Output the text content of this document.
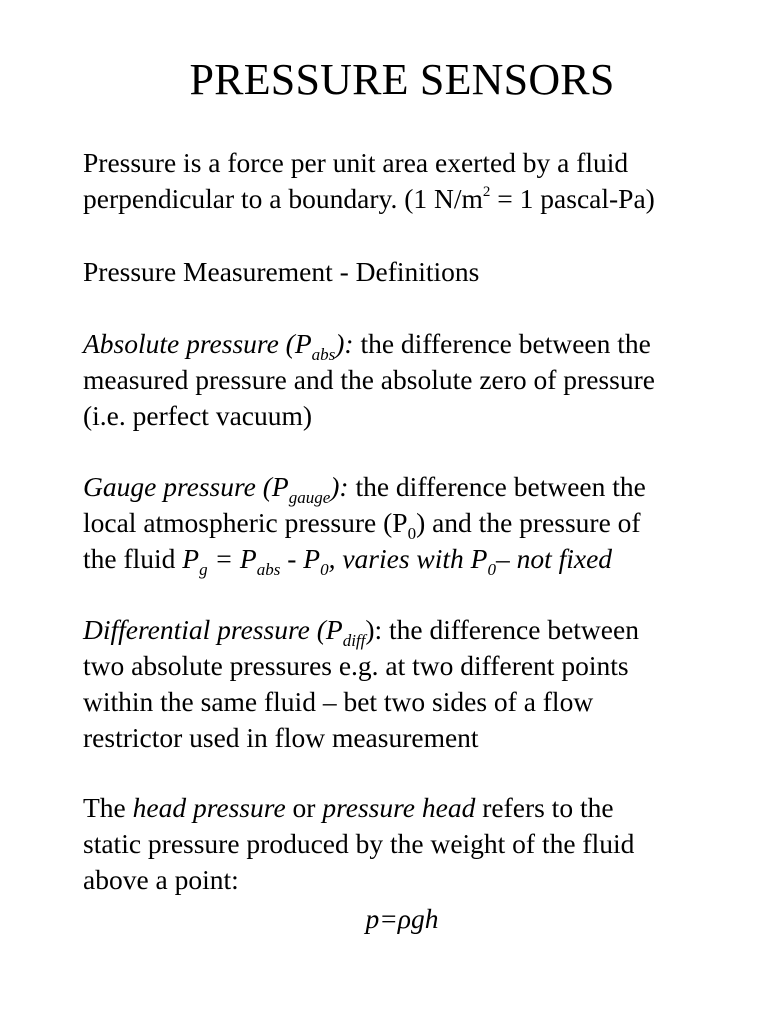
PRESSURE SENSORS
Pressure is a force per unit area exerted by a fluid
perpendicular to a boundary. (1 $N/m^2 = 1$ pascal-Pa)
Pressure Measurement - Definitions
Absolute pressure $(P_{abs})$: the difference between the
measured pressure and the absolute zero of pressure
(i.e. perfect vacuum)
Gauge pressure $(P_{gauge})$: the difference between the
local atmospheric pressure $(P_0)$ and the pressure of
the fluid $P_g = P_{abs} - P_0$, varies with $P_0-$ not fixed
Differential pressure $(P_{diff})$: the difference between
two absolute pressures e.g. at two different points
within the same fluid – bet two sides of a flow
restrictor used in flow measurement
The head pressure or pressure head refers to the
static pressure produced by the weight of the fluid
above a point:
p=ρgh
